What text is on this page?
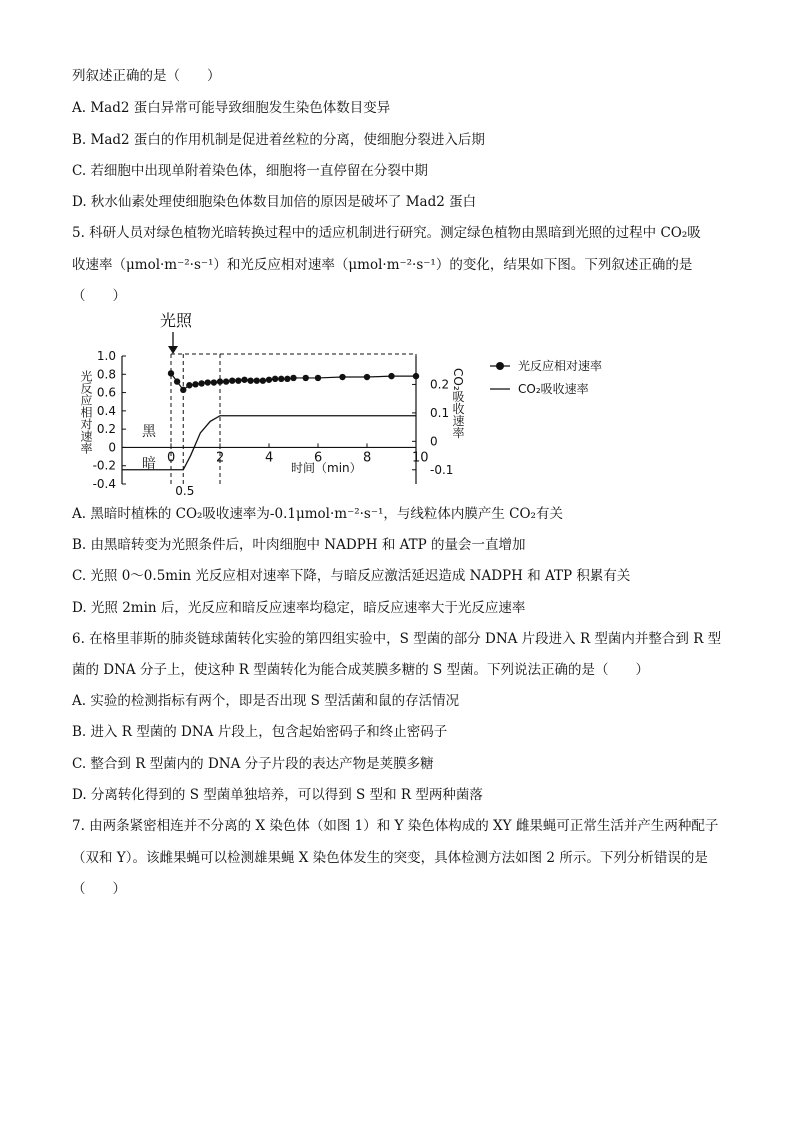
列叙述正确的是（　　）
A. Mad2 蛋白异常可能导致细胞发生染色体数目变异
B. Mad2 蛋白的作用机制是促进着丝粒的分离，使细胞分裂进入后期
C. 若细胞中出现单附着染色体，细胞将一直停留在分裂中期
D. 秋水仙素处理使细胞染色体数目加倍的原因是破坏了 Mad2 蛋白
5. 科研人员对绿色植物光暗转换过程中的适应机制进行研究。测定绿色植物由黑暗到光照的过程中 CO₂吸
收速率（μmol·m⁻²·s⁻¹）和光反应相对速率（μmol·m⁻²·s⁻¹）的变化，结果如下图。下列叙述正确的是
（　　）
A. 黑暗时植株的 CO₂吸收速率为-0.1μmol·m⁻²·s⁻¹，与线粒体内膜产生 CO₂有关
B. 由黑暗转变为光照条件后，叶肉细胞中 NADPH 和 ATP 的量会一直增加
C. 光照 0～0.5min 光反应相对速率下降，与暗反应激活延迟造成 NADPH 和 ATP 积累有关
D. 光照 2min 后，光反应和暗反应速率均稳定，暗反应速率大于光反应速率
6. 在格里菲斯的肺炎链球菌转化实验的第四组实验中，S 型菌的部分 DNA 片段进入 R 型菌内并整合到 R 型
菌的 DNA 分子上，使这种 R 型菌转化为能合成荚膜多糖的 S 型菌。下列说法正确的是（　　）
A. 实验的检测指标有两个，即是否出现 S 型活菌和鼠的存活情况
B. 进入 R 型菌的 DNA 片段上，包含起始密码子和终止密码子
C. 整合到 R 型菌内的 DNA 分子片段的表达产物是荚膜多糖
D. 分离转化得到的 S 型菌单独培养，可以得到 S 型和 R 型两种菌落
7. 由两条紧密相连并不分离的 X 染色体（如图 1）和 Y 染色体构成的 XY 雌果蝇可正常生活并产生两种配子
（双和 Y）。该雌果蝇可以检测雄果蝇 X 染色体发生的突变，具体检测方法如图 2 所示。下列分析错误的是
（　　）
光照
光反应相对速率	CO₂吸收速率
黑
暗	时间（min）
光反应相对速率
CO₂吸收速率
1.0
0.8
0.6
0.4
0.2
0
-0.2
-0.4
0.2
0.1
0
-0.1
0	2	4	6	8	10
0.5
